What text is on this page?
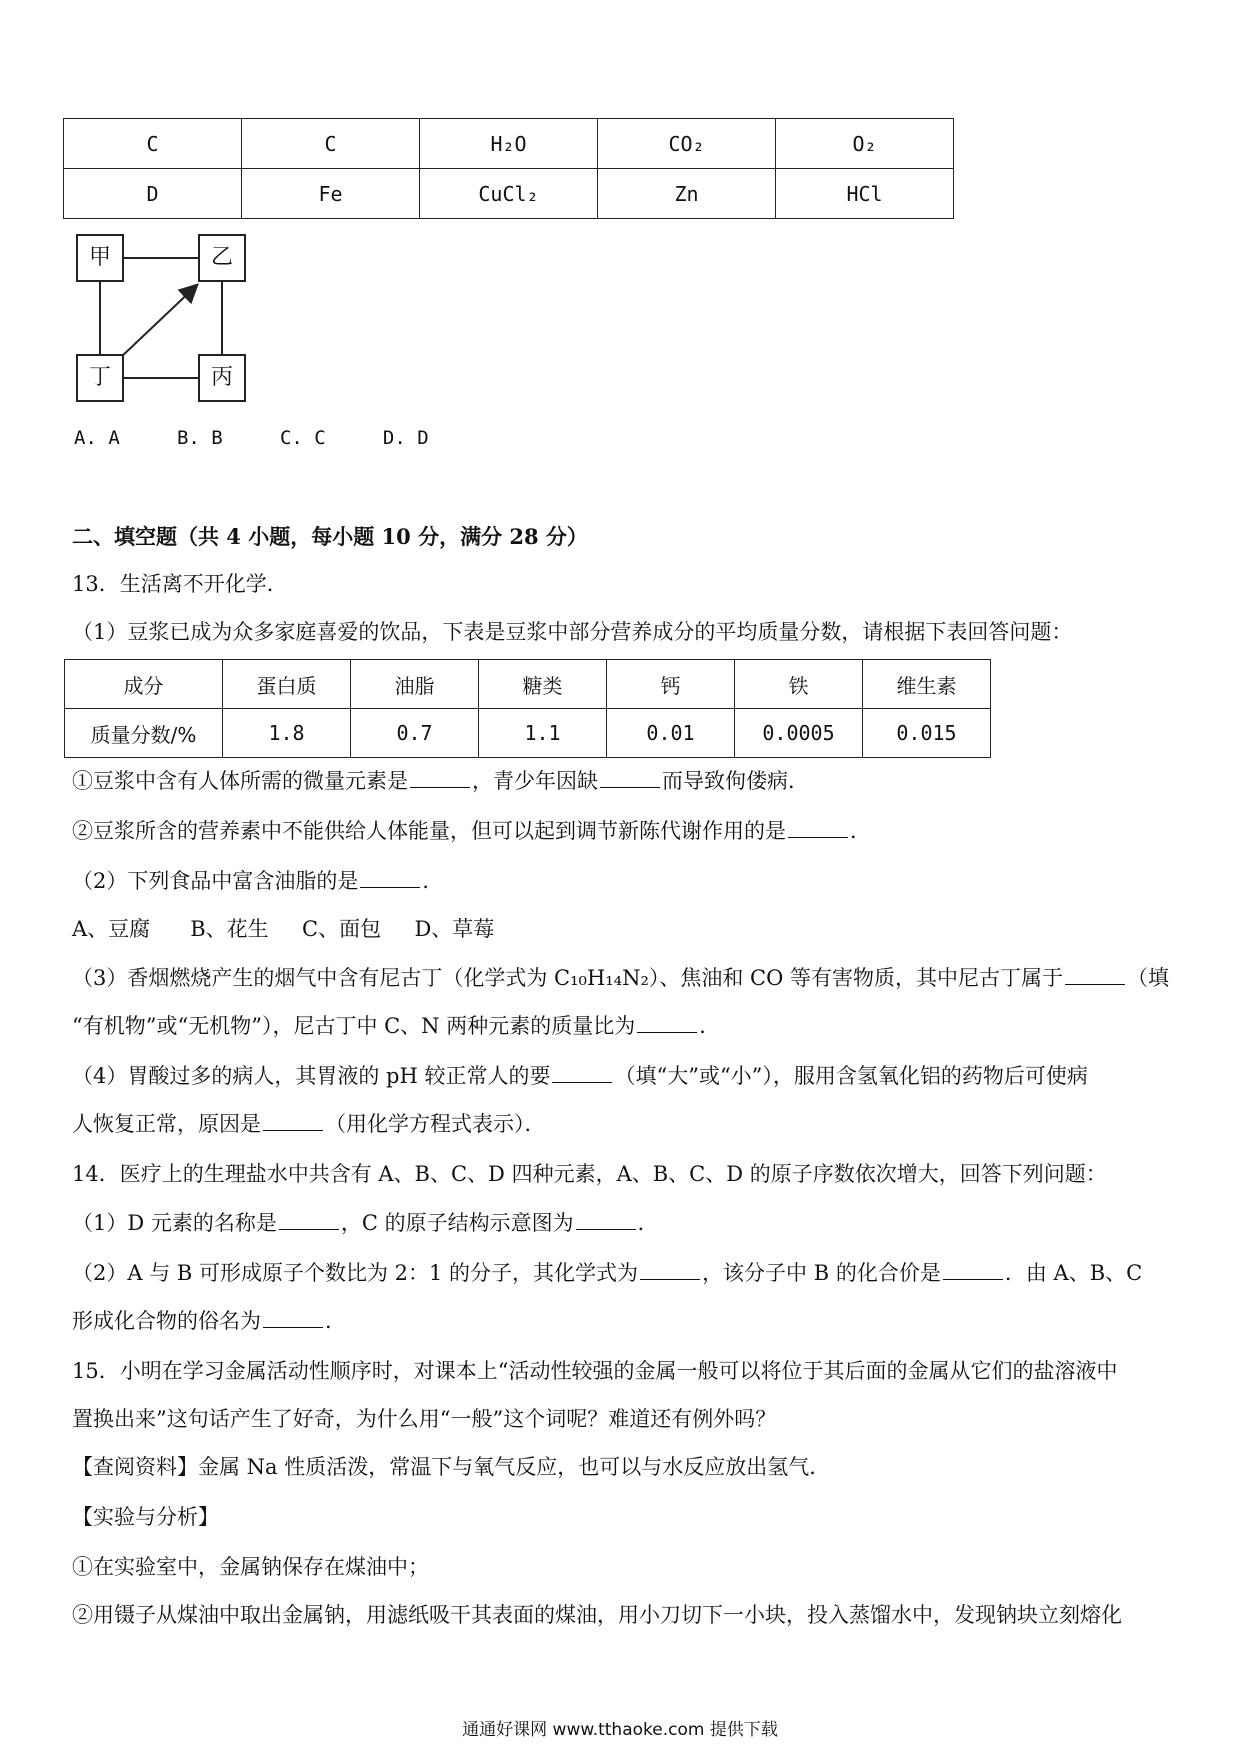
C	C	H₂O	CO₂	O₂
D	Fe	CuCl₂	Zn	HCl
甲	乙
丁	丙
A. A	B. B	C. C	D. D
二、填空题（共 4 小题，每小题 10 分，满分 28 分）
13．生活离不开化学．
（1）豆浆已成为众多家庭喜爱的饮品，下表是豆浆中部分营养成分的平均质量分数，请根据下表回答问题：
成分	蛋白质	油脂	糖类	钙	铁	维生素
质量分数/%	1.8	0.7	1.1	0.01	0.0005	0.015
①豆浆中含有人体所需的微量元素是	，青少年因缺	而导致佝偻病．
②豆浆所含的营养素中不能供给人体能量，但可以起到调节新陈代谢作用的是	．
（2）下列食品中富含油脂的是	．
A、豆腐      B、花生     C、面包     D、草莓
（3）香烟燃烧产生的烟气中含有尼古丁（化学式为 C₁₀H₁₄N₂）、焦油和 CO 等有害物质，其中尼古丁属于	（填
“有机物”或“无机物”），尼古丁中 C、N 两种元素的质量比为	．
（4）胃酸过多的病人，其胃液的 pH 较正常人的要	（填“大”或“小”），服用含氢氧化铝的药物后可使病
人恢复正常，原因是	（用化学方程式表示）．
14．医疗上的生理盐水中共含有 A、B、C、D 四种元素，A、B、C、D 的原子序数依次增大，回答下列问题：
（1）D 元素的名称是	，C 的原子结构示意图为	．
（2）A 与 B 可形成原子个数比为 2：1 的分子，其化学式为	，该分子中 B 的化合价是	．由 A、B、C
形成化合物的俗名为	．
15．小明在学习金属活动性顺序时，对课本上“活动性较强的金属一般可以将位于其后面的金属从它们的盐溶液中
置换出来”这句话产生了好奇，为什么用“一般”这个词呢？难道还有例外吗？
【查阅资料】金属 Na 性质活泼，常温下与氧气反应，也可以与水反应放出氢气．
【实验与分析】
①在实验室中，金属钠保存在煤油中；
②用镊子从煤油中取出金属钠，用滤纸吸干其表面的煤油，用小刀切下一小块，投入蒸馏水中，发现钠块立刻熔化
通通好课网 www.tthaoke.com 提供下载
